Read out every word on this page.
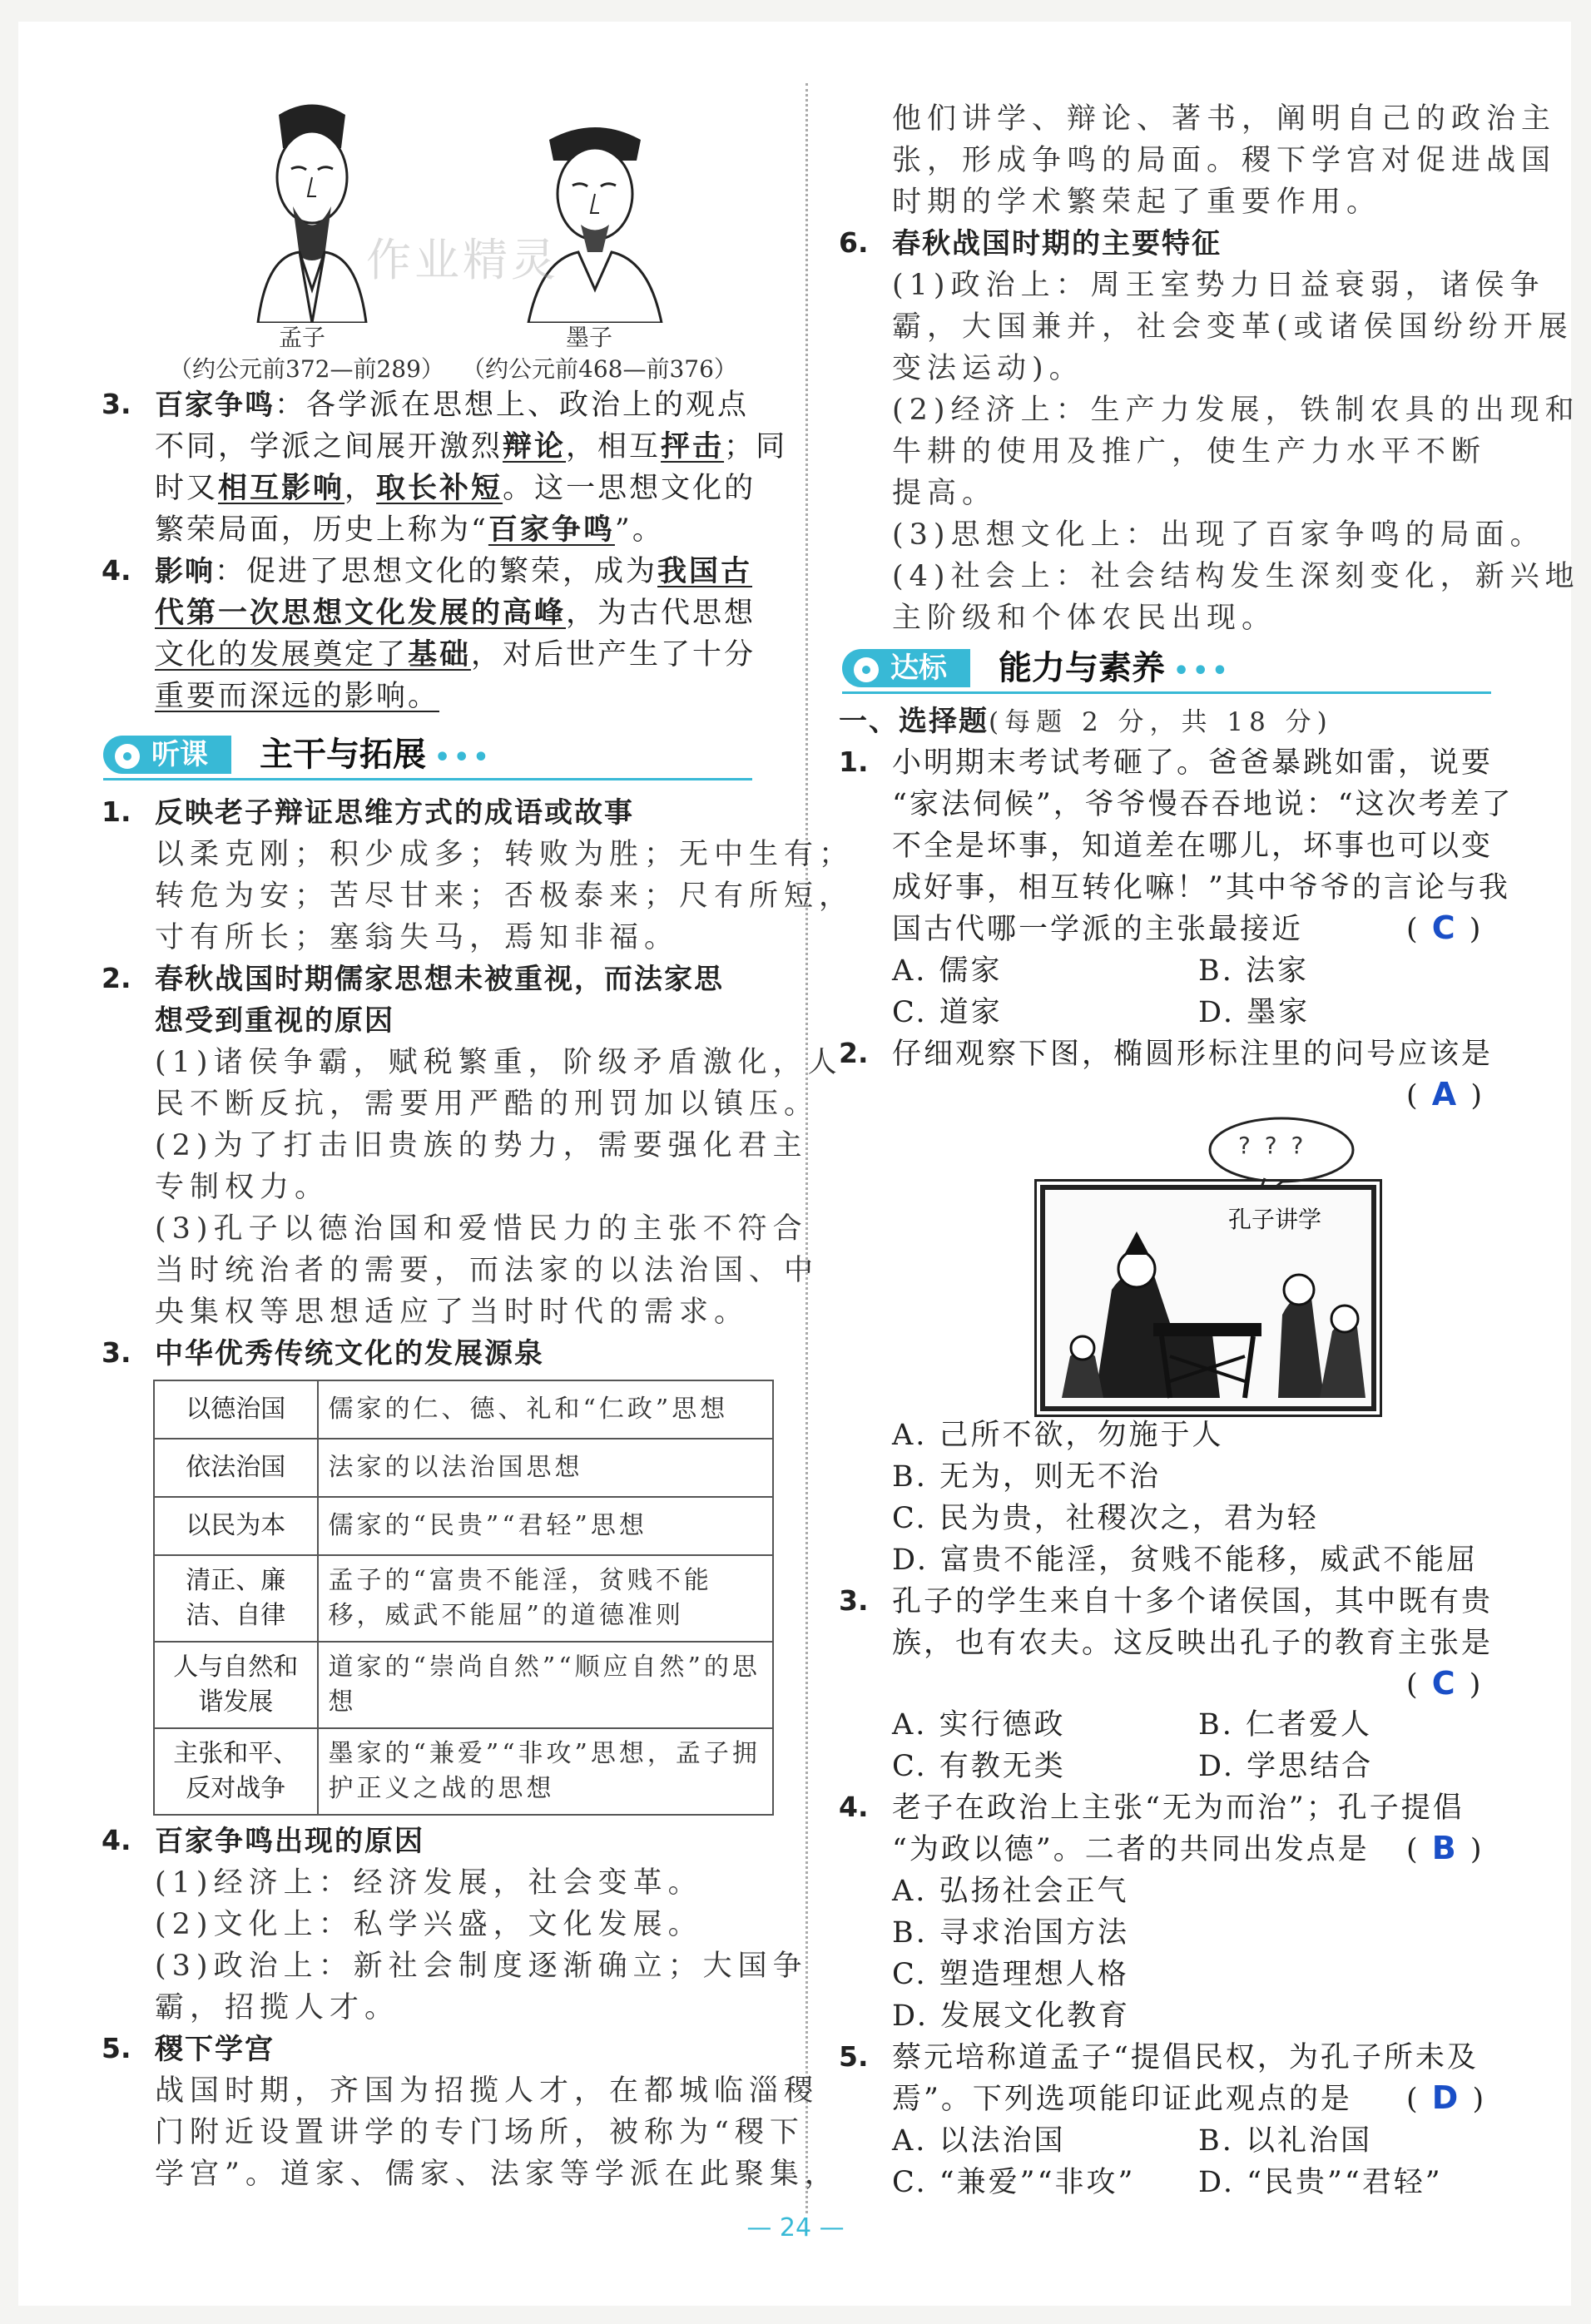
孟子	墨子
（约公元前372—前289） （约公元前468—前376）
作业精灵
3. 百家争鸣：各学派在思想上、政治上的观点
不同，学派之间展开激烈辩论，相互抨击；同
时又相互影响，取长补短。这一思想文化的
繁荣局面，历史上称为“百家争鸣”。
4. 影响：促进了思想文化的繁荣，成为我国古
代第一次思想文化发展的高峰，为古代思想
文化的发展奠定了基础，对后世产生了十分
重要而深远的影响。
听课	主干与拓展 •••
1. 反映老子辩证思维方式的成语或故事
以柔克刚；积少成多；转败为胜；无中生有；
转危为安；苦尽甘来；否极泰来；尺有所短，
寸有所长；塞翁失马，焉知非福。
2. 春秋战国时期儒家思想未被重视，而法家思
想受到重视的原因
(1)诸侯争霸，赋税繁重，阶级矛盾激化，人
民不断反抗，需要用严酷的刑罚加以镇压。
(2)为了打击旧贵族的势力，需要强化君主
专制权力。
(3)孔子以德治国和爱惜民力的主张不符合
当时统治者的需要，而法家的以法治国、中
央集权等思想适应了当时时代的需求。
3. 中华优秀传统文化的发展源泉
以德治国	儒家的仁、德、礼和“仁政”思想
依法治国	法家的以法治国思想
以民为本	儒家的“民贵”“君轻”思想
清正、廉洁、自律	孟子的“富贵不能淫，贫贱不能移，威武不能屈”的道德准则
人与自然和谐发展	道家的“崇尚自然”“顺应自然”的思想
主张和平、反对战争	墨家的“兼爱”“非攻”思想，孟子拥护正义之战的思想
4. 百家争鸣出现的原因
(1)经济上：经济发展，社会变革。
(2)文化上：私学兴盛，文化发展。
(3)政治上：新社会制度逐渐确立；大国争
霸，招揽人才。
5. 稷下学宫
战国时期，齐国为招揽人才，在都城临淄稷
门附近设置讲学的专门场所，被称为“稷下
学宫”。道家、儒家、法家等学派在此聚集，
他们讲学、辩论、著书，阐明自己的政治主
张，形成争鸣的局面。稷下学宫对促进战国
时期的学术繁荣起了重要作用。
6. 春秋战国时期的主要特征
(1)政治上：周王室势力日益衰弱，诸侯争
霸，大国兼并，社会变革(或诸侯国纷纷开展
变法运动)。
(2)经济上：生产力发展，铁制农具的出现和
牛耕的使用及推广，使生产力水平不断
提高。
(3)思想文化上：出现了百家争鸣的局面。
(4)社会上：社会结构发生深刻变化，新兴地
主阶级和个体农民出现。
达标	能力与素养 •••
一、选择题(每题 2 分，共 18 分)
1. 小明期末考试考砸了。爸爸暴跳如雷，说要
“家法伺候”，爷爷慢吞吞地说：“这次考差了
不全是坏事，知道差在哪儿，坏事也可以变
成好事，相互转化嘛！”其中爷爷的言论与我
国古代哪一学派的主张最接近	( C )
A. 儒家	B. 法家
C. 道家	D. 墨家
2. 仔细观察下图，椭圆形标注里的问号应该是
( A )
? ? ?
孔子讲学
A. 己所不欲，勿施于人
B. 无为，则无不治
C. 民为贵，社稷次之，君为轻
D. 富贵不能淫，贫贱不能移，威武不能屈
3. 孔子的学生来自十多个诸侯国，其中既有贵
族，也有农夫。这反映出孔子的教育主张是
( C )
A. 实行德政	B. 仁者爱人
C. 有教无类	D. 学思结合
4. 老子在政治上主张“无为而治”；孔子提倡
“为政以德”。二者的共同出发点是 ( B )
A. 弘扬社会正气
B. 寻求治国方法
C. 塑造理想人格
D. 发展文化教育
5. 蔡元培称道孟子“提倡民权，为孔子所未及
焉”。下列选项能印证此观点的是 ( D )
A. 以法治国	B. 以礼治国
C. “兼爱”“非攻” D. “民贵”“君轻”
— 24 —
